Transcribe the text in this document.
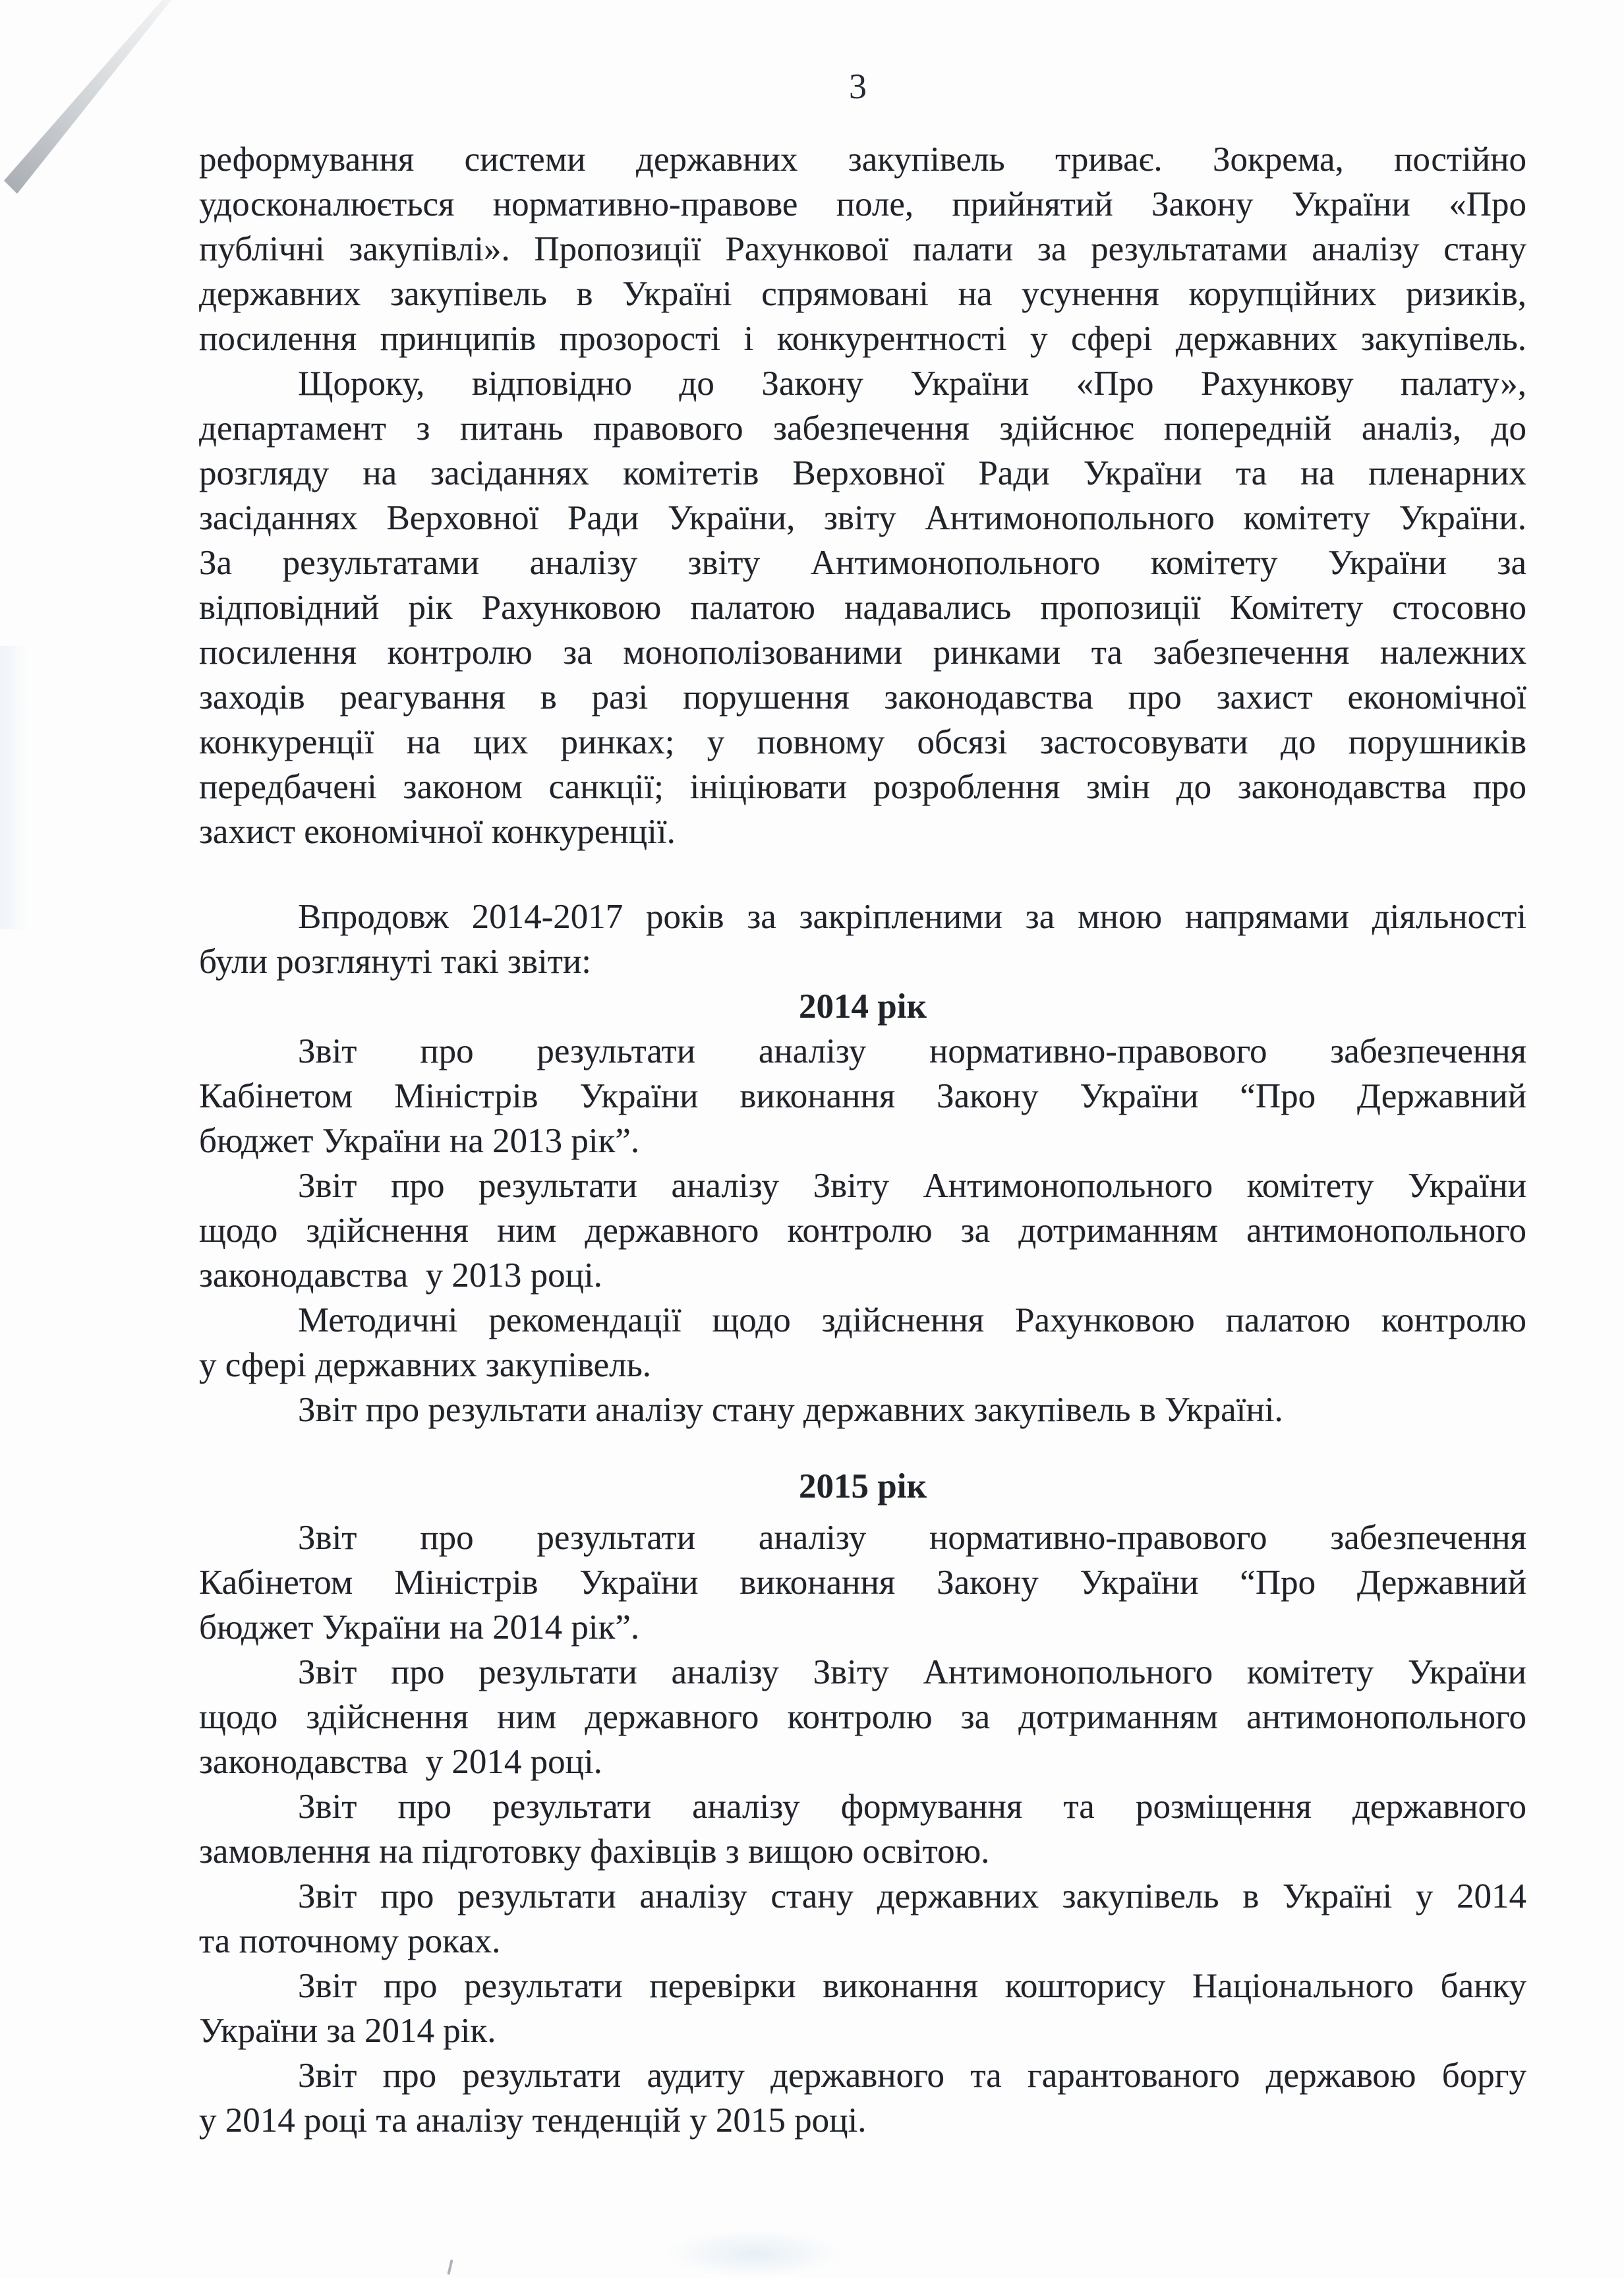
3
реформування системи державних закупівель триває. Зокрема, постійно
удосконалюється нормативно-правове поле, прийнятий Закону України «Про
публічні закупівлі». Пропозиції Рахункової палати за результатами аналізу стану
державних закупівель в Україні спрямовані на усунення корупційних ризиків,
посилення принципів прозорості і конкурентності у сфері державних закупівель.
Щороку, відповідно до Закону України «Про Рахункову палату»,
департамент з питань правового забезпечення здійснює попередній аналіз, до
розгляду на засіданнях комітетів Верховної Ради України та на пленарних
засіданнях Верховної Ради України, звіту Антимонопольного комітету України.
За результатами аналізу звіту Антимонопольного комітету України за
відповідний рік Рахунковою палатою надавались пропозиції Комітету стосовно
посилення контролю за монополізованими ринками та забезпечення належних
заходів реагування в разі порушення законодавства про захист економічної
конкуренції на цих ринках; у повному обсязі застосовувати до порушників
передбачені законом санкції; ініціювати розроблення змін до законодавства про
захист економічної конкуренції.
Впродовж 2014-2017 років за закріпленими за мною напрямами діяльності
були розглянуті такі звіти:
2014 рік
Звіт про результати аналізу нормативно-правового забезпечення
Кабінетом Міністрів України виконання Закону України “Про Державний
бюджет України на 2013 рік”.
Звіт про результати аналізу Звіту Антимонопольного комітету України
щодо здійснення ним державного контролю за дотриманням антимонопольного
законодавства  у 2013 році.
Методичні рекомендації щодо здійснення Рахунковою палатою контролю
у сфері державних закупівель.
Звіт про результати аналізу стану державних закупівель в Україні.
2015 рік
Звіт про результати аналізу нормативно-правового забезпечення
Кабінетом Міністрів України виконання Закону України “Про Державний
бюджет України на 2014 рік”.
Звіт про результати аналізу Звіту Антимонопольного комітету України
щодо здійснення ним державного контролю за дотриманням антимонопольного
законодавства  у 2014 році.
Звіт про результати аналізу формування та розміщення державного
замовлення на підготовку фахівців з вищою освітою.
Звіт про результати аналізу стану державних закупівель в Україні у 2014
та поточному роках.
Звіт про результати перевірки виконання кошторису Національного банку
України за 2014 рік.
Звіт про результати аудиту державного та гарантованого державою боргу
у 2014 році та аналізу тенденцій у 2015 році.
